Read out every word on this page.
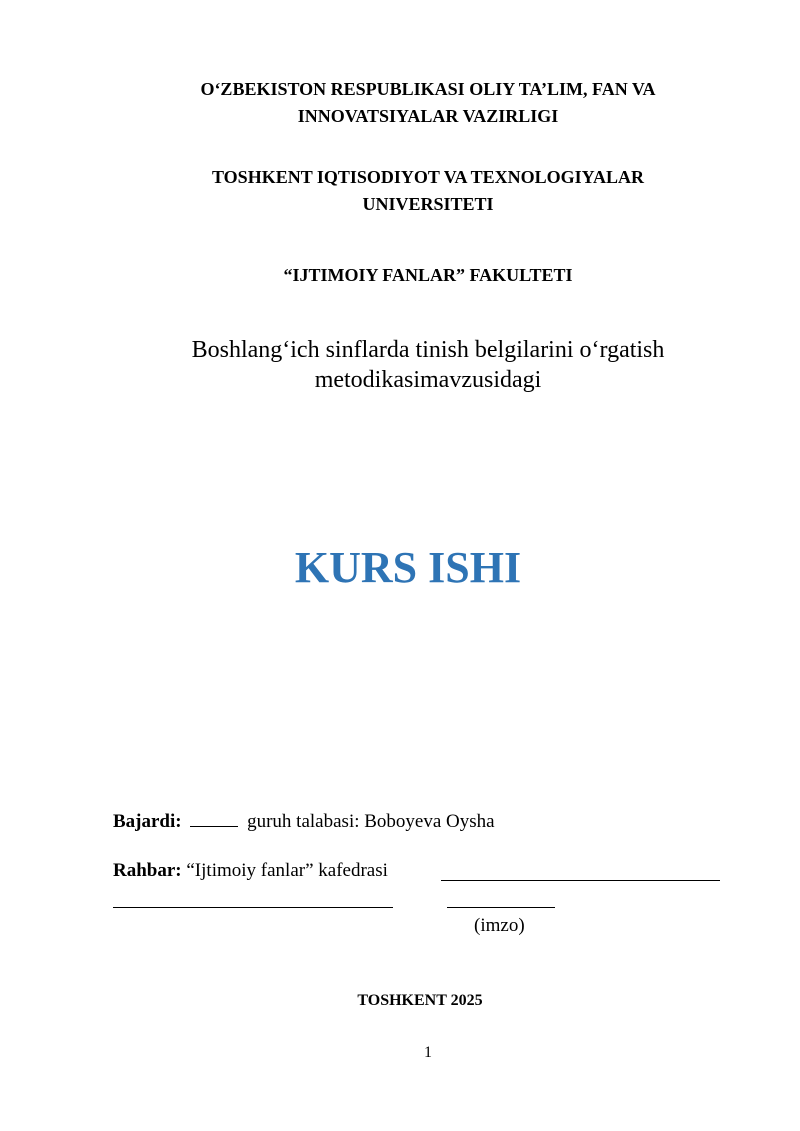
O‘ZBEKISTON RESPUBLIKASI OLIY TA’LIM, FAN VA
INNOVATSIYALAR VAZIRLIGI
TOSHKENT IQTISODIYOT VA TEXNOLOGIYALAR
UNIVERSITETI
“IJTIMOIY FANLAR” FAKULTETI
Boshlang‘ich sinflarda tinish belgilarini o‘rgatish
metodikasimavzusidagi
KURS ISHI
Bajardi:	guruh talabasi: Boboyeva Oysha
Rahbar: “Ijtimoiy fanlar” kafedrasi
(imzo)
TOSHKENT 2025
1
